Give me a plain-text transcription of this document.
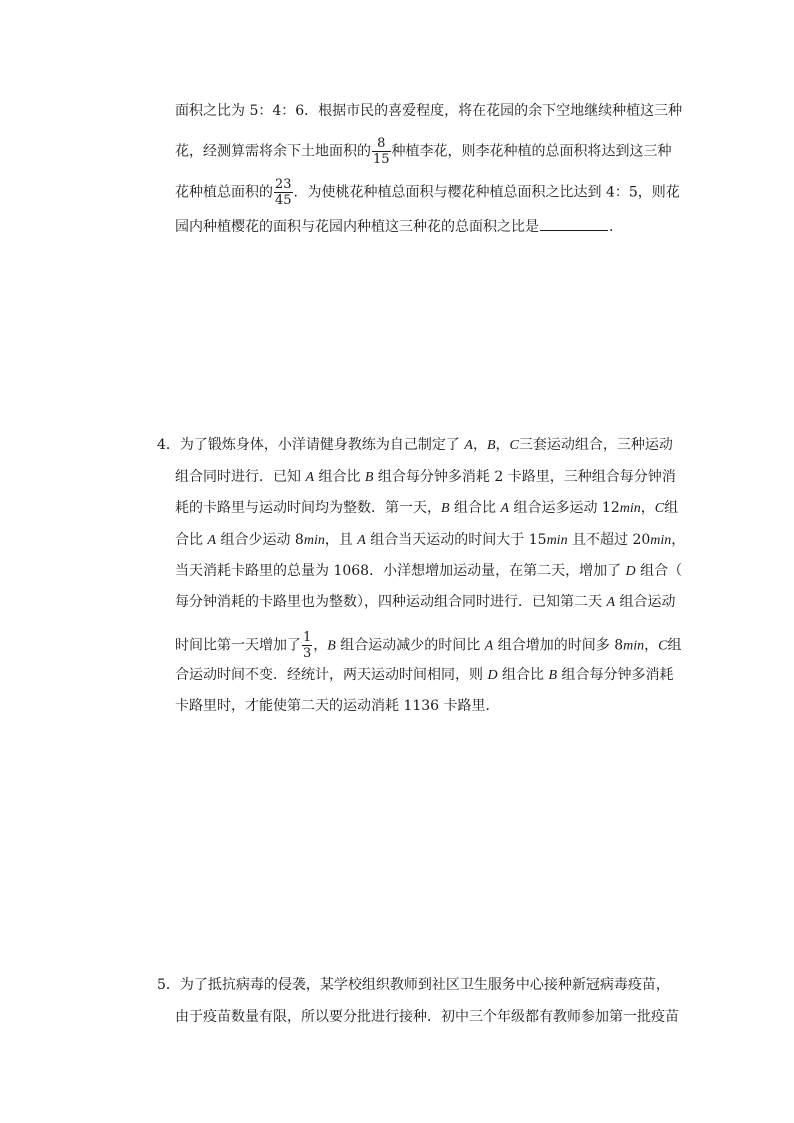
面积之比为 5：4：6．根据市民的喜爱程度，将在花园的余下空地继续种植这三种
花，经测算需将余下土地面积的 $\frac{8}{15}$ 种植李花，则李花种植的总面积将达到这三种
花种植总面积的 $\frac{23}{45}$ ．为使桃花种植总面积与樱花种植总面积之比达到 4：5，则花
园内种植樱花的面积与花园内种植这三种花的总面积之比是	．
4．为了锻炼身体，小洋请健身教练为自己制定了 A，B，C三套运动组合，三种运动
组合同时进行．已知 A 组合比 B 组合每分钟多消耗 2 卡路里，三种组合每分钟消
耗的卡路里与运动时间均为整数．第一天，B 组合比 A 组合运多运动 12min，C组
合比 A 组合少运动 8min，且 A 组合当天运动的时间大于 15min 且不超过 20min，
当天消耗卡路里的总量为 1068．小洋想增加运动量，在第二天，增加了 D 组合（
每分钟消耗的卡路里也为整数），四种运动组合同时进行．已知第二天 A 组合运动
时间比第一天增加了 $\frac{1}{3}$ ，B 组合运动减少的时间比 A 组合增加的时间多 8min，C组
合运动时间不变．经统计，两天运动时间相同，则 D 组合比 B 组合每分钟多消耗
卡路里时，才能使第二天的运动消耗 1136 卡路里．
5．为了抵抗病毒的侵袭，某学校组织教师到社区卫生服务中心接种新冠病毒疫苗，
由于疫苗数量有限，所以要分批进行接种．初中三个年级都有教师参加第一批疫苗
